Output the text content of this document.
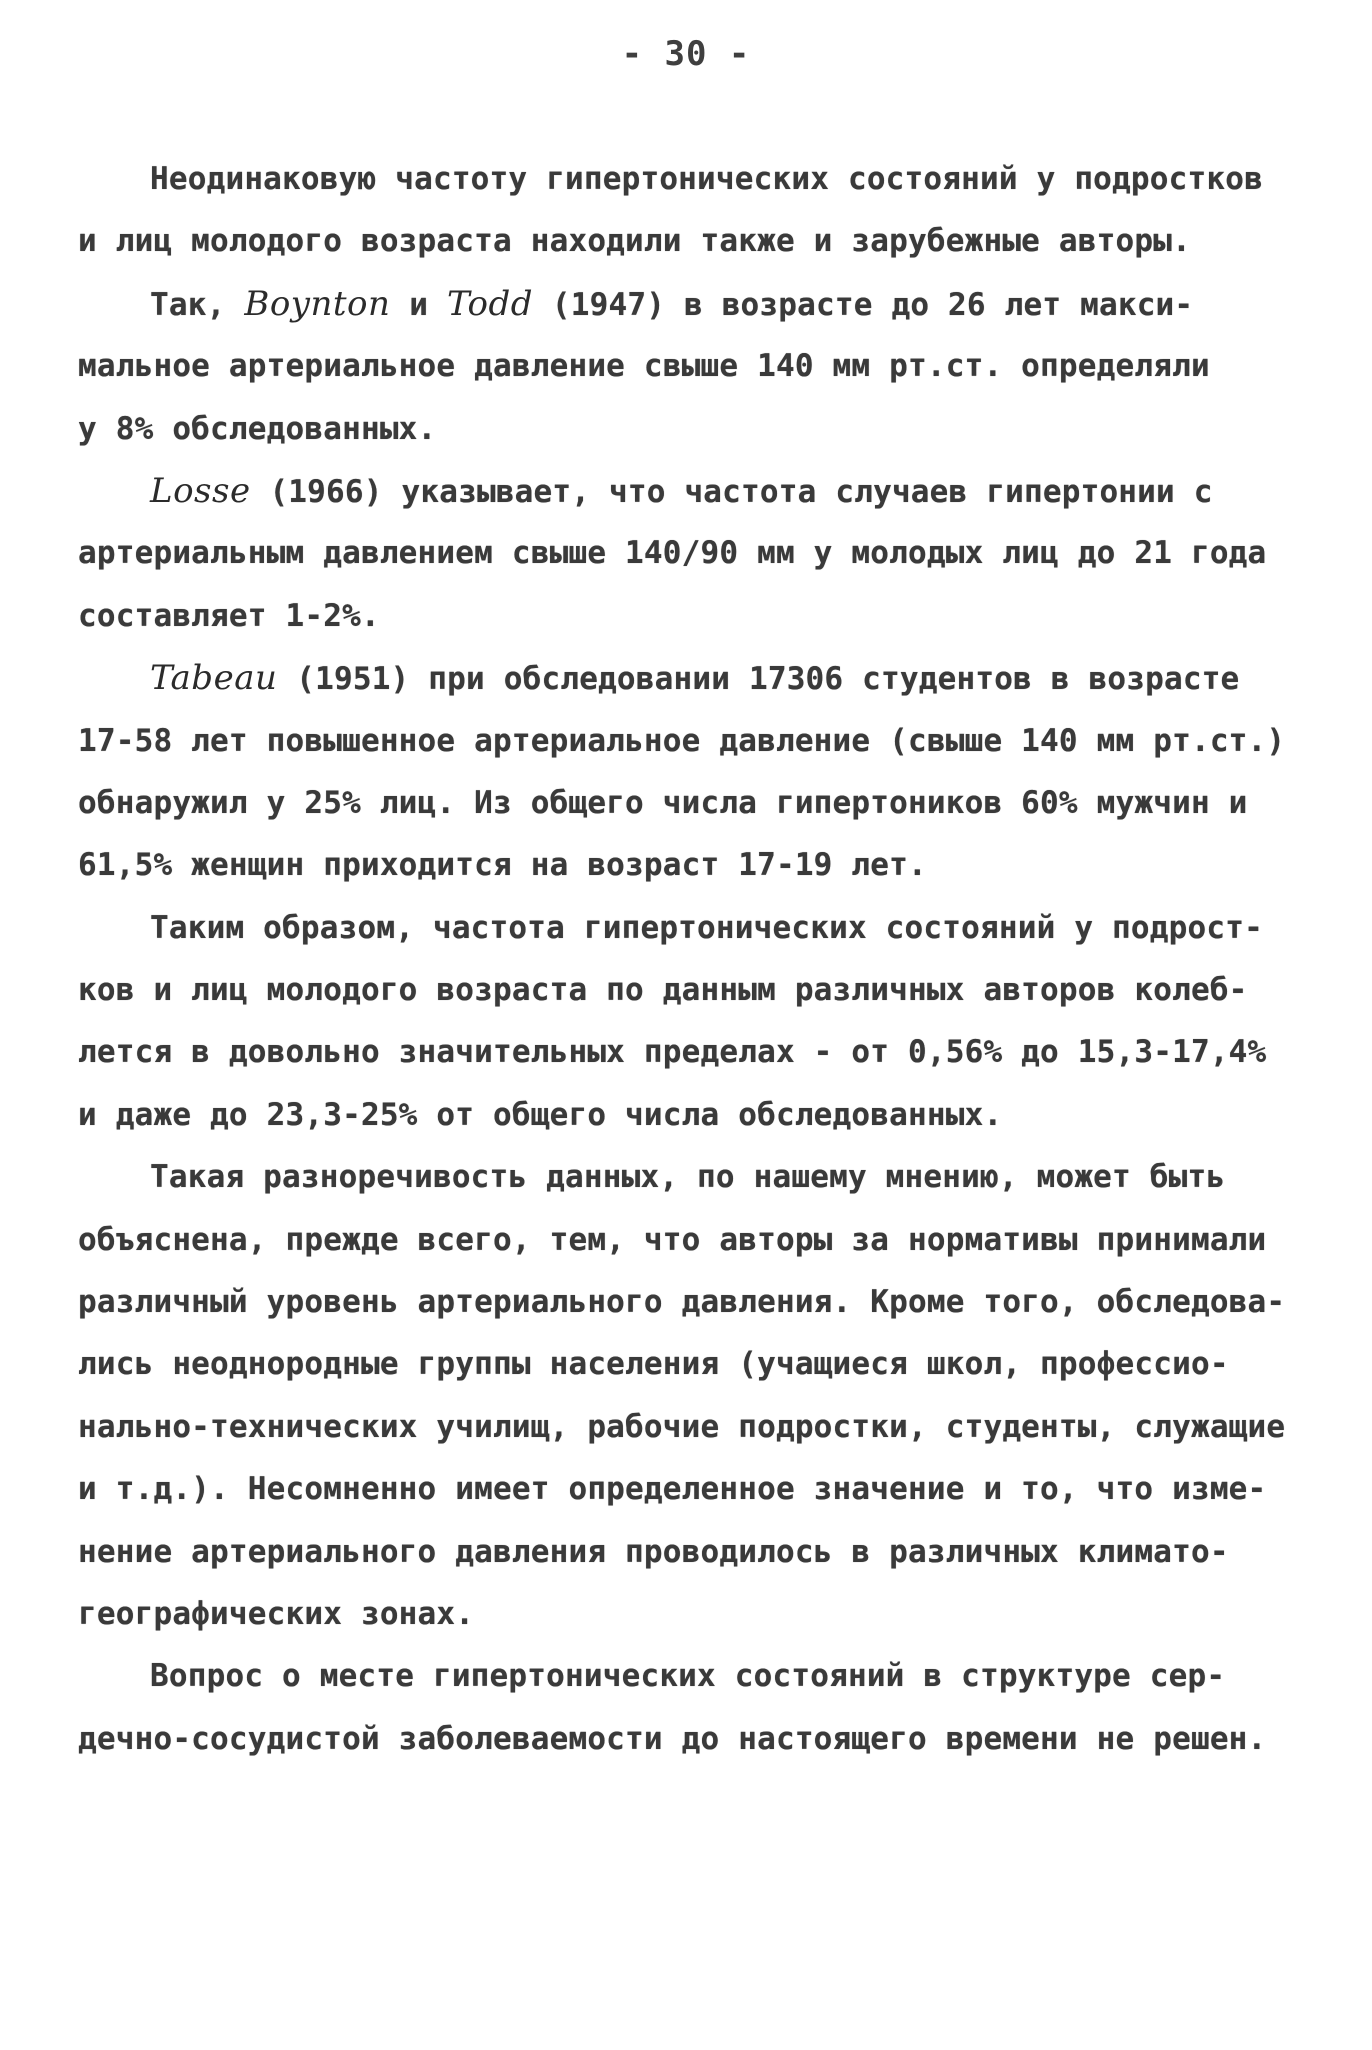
- 30 -
Неодинаковую частоту гипертонических состояний у подростков
и лиц молодого возраста находили также и зарубежные авторы.
Так, Boynton и Todd (1947) в возрасте до 26 лет макси-
мальное артериальное давление свыше 140 мм рт.ст. определяли
у 8% обследованных.
Losse (1966) указывает, что частота случаев гипертонии с
артериальным давлением свыше 140/90 мм у молодых лиц до 21 года
составляет 1-2%.
Tabeau (1951) при обследовании 17306 студентов в возрасте
17-58 лет повышенное артериальное давление (свыше 140 мм рт.ст.)
обнаружил у 25% лиц. Из общего числа гипертоников 60% мужчин и
61,5% женщин приходится на возраст 17-19 лет.
Таким образом, частота гипертонических состояний у подрост-
ков и лиц молодого возраста по данным различных авторов колеб-
лется в довольно значительных пределах - от 0,56% до 15,3-17,4%
и даже до 23,3-25% от общего числа обследованных.
Такая разноречивость данных, по нашему мнению, может быть
объяснена, прежде всего, тем, что авторы за нормативы принимали
различный уровень артериального давления. Кроме того, обследова-
лись неоднородные группы населения (учащиеся школ, профессио-
нально-технических училищ, рабочие подростки, студенты, служащие
и т.д.). Несомненно имеет определенное значение и то, что изме-
нение артериального давления проводилось в различных климато-
географических зонах.
Вопрос о месте гипертонических состояний в структуре сер-
дечно-сосудистой заболеваемости до настоящего времени не решен.
